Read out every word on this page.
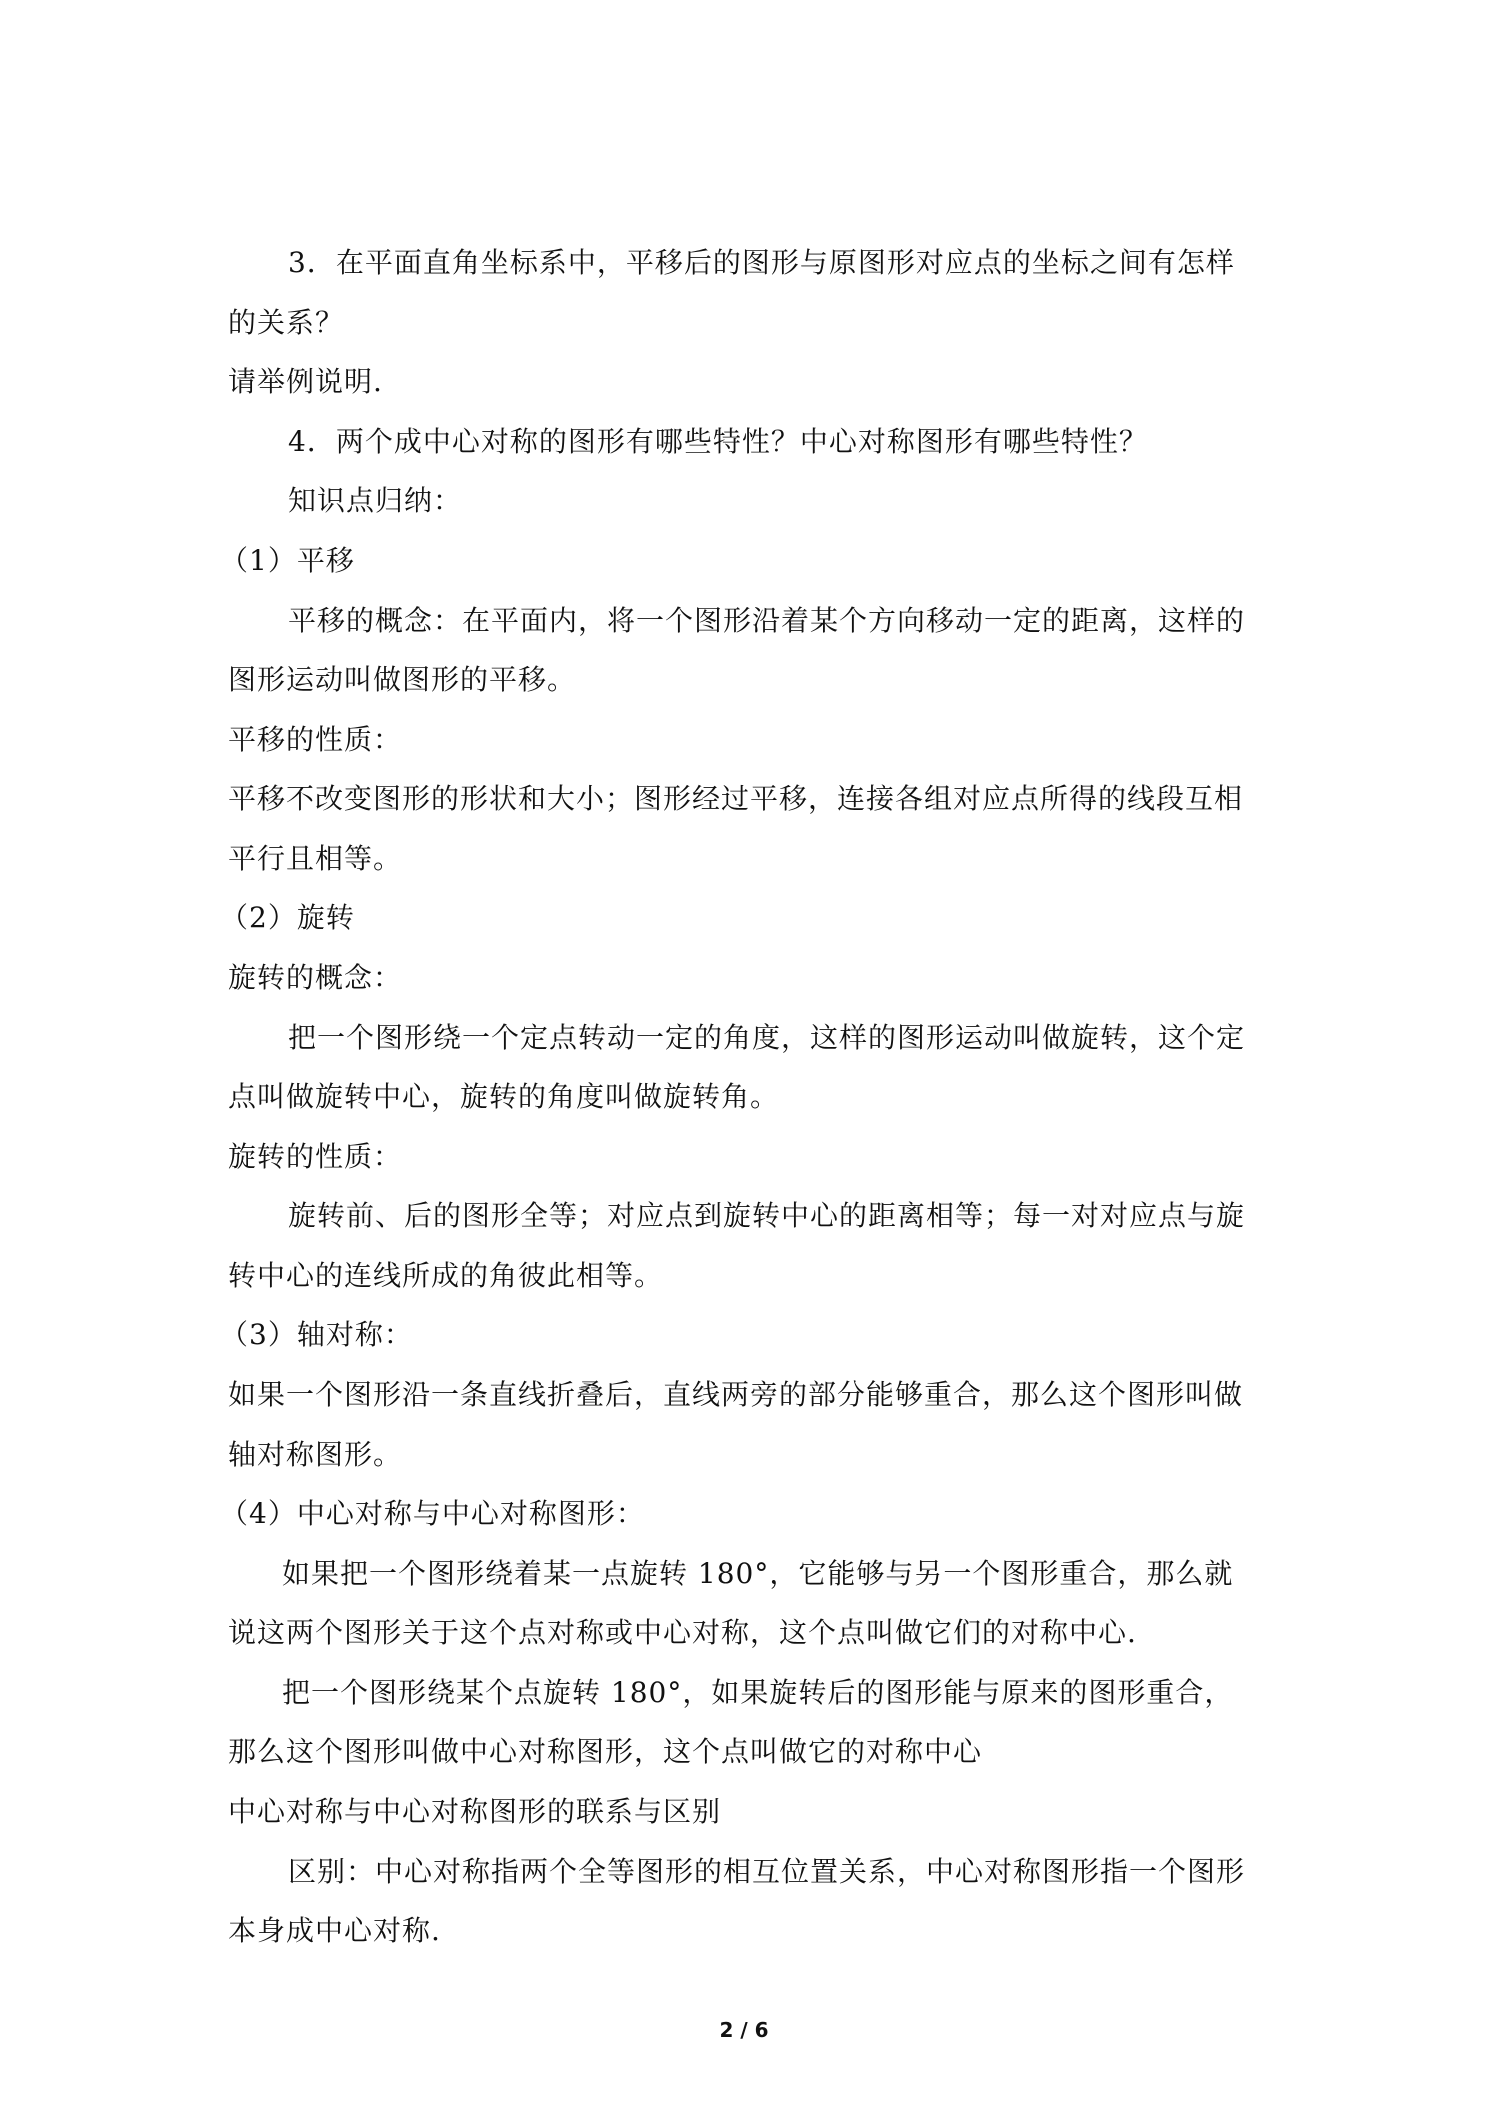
3．在平面直角坐标系中，平移后的图形与原图形对应点的坐标之间有怎样
的关系？
请举例说明.
4．两个成中心对称的图形有哪些特性？中心对称图形有哪些特性？
知识点归纳：
（1）平移
平移的概念：在平面内，将一个图形沿着某个方向移动一定的距离，这样的
图形运动叫做图形的平移。
平移的性质：
平移不改变图形的形状和大小；图形经过平移，连接各组对应点所得的线段互相
平行且相等。
（2）旋转
旋转的概念：
把一个图形绕一个定点转动一定的角度，这样的图形运动叫做旋转，这个定
点叫做旋转中心，旋转的角度叫做旋转角。
旋转的性质：
旋转前、后的图形全等；对应点到旋转中心的距离相等；每一对对应点与旋
转中心的连线所成的角彼此相等。
（3）轴对称：
如果一个图形沿一条直线折叠后，直线两旁的部分能够重合，那么这个图形叫做
轴对称图形。
（4）中心对称与中心对称图形：
如果把一个图形绕着某一点旋转 180°，它能够与另一个图形重合，那么就
说这两个图形关于这个点对称或中心对称，这个点叫做它们的对称中心.
把一个图形绕某个点旋转 180°，如果旋转后的图形能与原来的图形重合，
那么这个图形叫做中心对称图形，这个点叫做它的对称中心
中心对称与中心对称图形的联系与区别
区别：中心对称指两个全等图形的相互位置关系，中心对称图形指一个图形
本身成中心对称.
2 / 6
